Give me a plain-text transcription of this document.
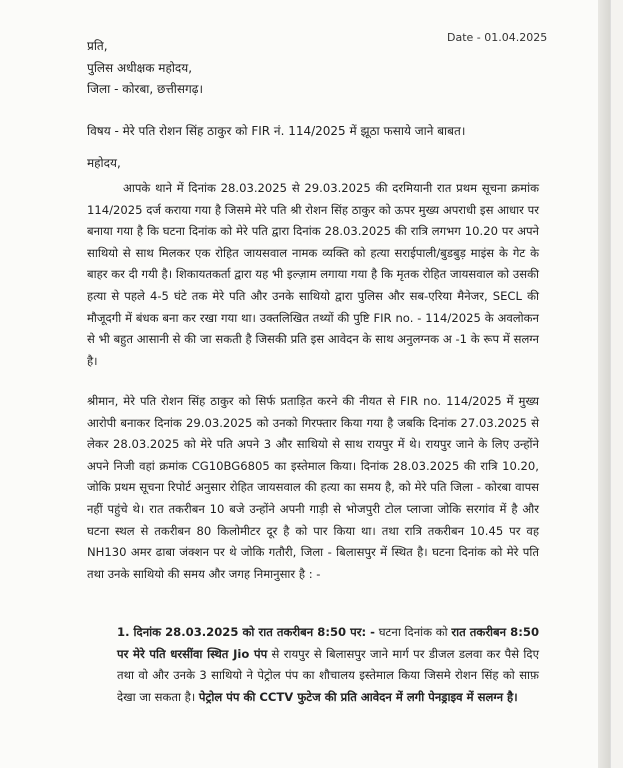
Date - 01.04.2025
प्रति,
पुलिस अधीक्षक महोदय,
जिला - कोरबा, छत्तीसगढ़।
विषय - मेरे पति रोशन सिंह ठाकुर को FIR नं. 114/2025 में झूठा फसाये जाने बाबत।
महोदय,

आपके थाने में दिनांक 28.03.2025 से 29.03.2025 की दरमियानी रात प्रथम सूचना क्रमांक 114/2025 दर्ज कराया गया है जिसमे मेरे पति श्री रोशन सिंह ठाकुर को ऊपर मुख्य अपराधी इस आधार पर बनाया गया है कि घटना दिनांक को मेरे पति द्वारा दिनांक 28.03.2025 की रात्रि लगभग 10.20 पर अपने साथियो से साथ मिलकर एक रोहित जायसवाल नामक व्यक्ति को हत्या सराईपाली/बुडबुड़ माइंस के गेट के बाहर कर दी गयी है। शिकायतकर्ता द्वारा यह भी इल्ज़ाम लगाया गया है कि मृतक रोहित जायसवाल को उसकी हत्या से पहले 4-5 घंटे तक मेरे पति और उनके साथियो द्वारा पुलिस और सब-एरिया मैनेजर, SECL की मौजूदगी में बंधक बना कर रखा गया था। उक्तलिखित तथ्यों की पुष्टि FIR no. - 114/2025 के अवलोकन से भी बहुत आसानी से की जा सकती है जिसकी प्रति इस आवेदन के साथ अनुलग्नक अ -1 के रूप में सलग्न है।

श्रीमान, मेरे पति रोशन सिंह ठाकुर को सिर्फ प्रताड़ित करने की नीयत से FIR no. 114/2025 में मुख्य आरोपी बनाकर दिनांक 29.03.2025 को उनको गिरफ्तार किया गया है जबकि दिनांक 27.03.2025 से लेकर 28.03.2025 को मेरे पति अपने 3 और साथियो से साथ रायपुर में थे। रायपुर जाने के लिए उन्होंने अपने निजी वहां क्रमांक CG10BG6805 का इस्तेमाल किया। दिनांक 28.03.2025 की रात्रि 10.20, जोकि प्रथम सूचना रिपोर्ट अनुसार रोहित जायसवाल की हत्या का समय है, को मेरे पति जिला - कोरबा वापस नहीं पहुंचे थे। रात तकरीबन 10 बजे उन्होंने अपनी गाड़ी से भोजपुरी टोल प्लाजा जोकि सरगांव में है और घटना स्थल से तकरीबन 80 किलोमीटर दूर है को पार किया था। तथा रात्रि तकरीबन 10.45 पर वह NH130 अमर ढाबा जंक्शन पर थे जोकि गतौरी, जिला - बिलासपुर में स्थित है। घटना दिनांक को मेरे पति तथा उनके साथियो की समय और जगह निमानुसार है : -

1. दिनांक 28.03.2025 को रात तकरीबन 8:50 पर: - घटना दिनांक को रात तकरीबन 8:50 पर मेरे पति धरसींवा स्थित Jio पंप से रायपुर से बिलासपुर जाने मार्ग पर डीजल डलवा कर पैसे दिए तथा वो और उनके 3 साथियो ने पेट्रोल पंप का शौचालय इस्तेमाल किया जिसमे रोशन सिंह को साफ़ देखा जा सकता है। पेट्रोल पंप की CCTV फुटेज की प्रति आवेदन में लगी पेनड्राइव में सलग्न है।
